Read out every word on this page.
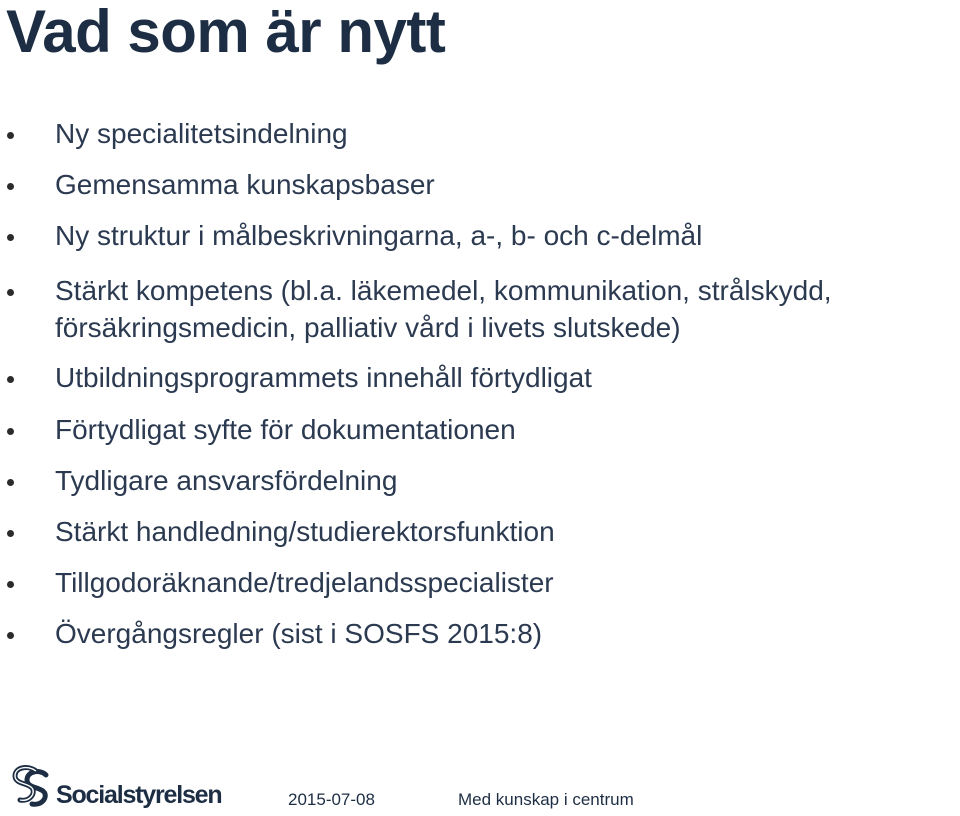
Vad som är nytt
Ny specialitetsindelning
Gemensamma kunskapsbaser
Ny struktur i målbeskrivningarna, a-, b- och c-delmål
Stärkt kompetens (bl.a. läkemedel, kommunikation, strålskydd,
försäkringsmedicin, palliativ vård i livets slutskede)
Utbildningsprogrammets innehåll förtydligat
Förtydligat syfte för dokumentationen
Tydligare ansvarsfördelning
Stärkt handledning/studierektorsfunktion
Tillgodoräknande/tredjelandsspecialister
Övergångsregler (sist i SOSFS 2015:8)
Socialstyrelsen	2015-07-08	Med kunskap i centrum
